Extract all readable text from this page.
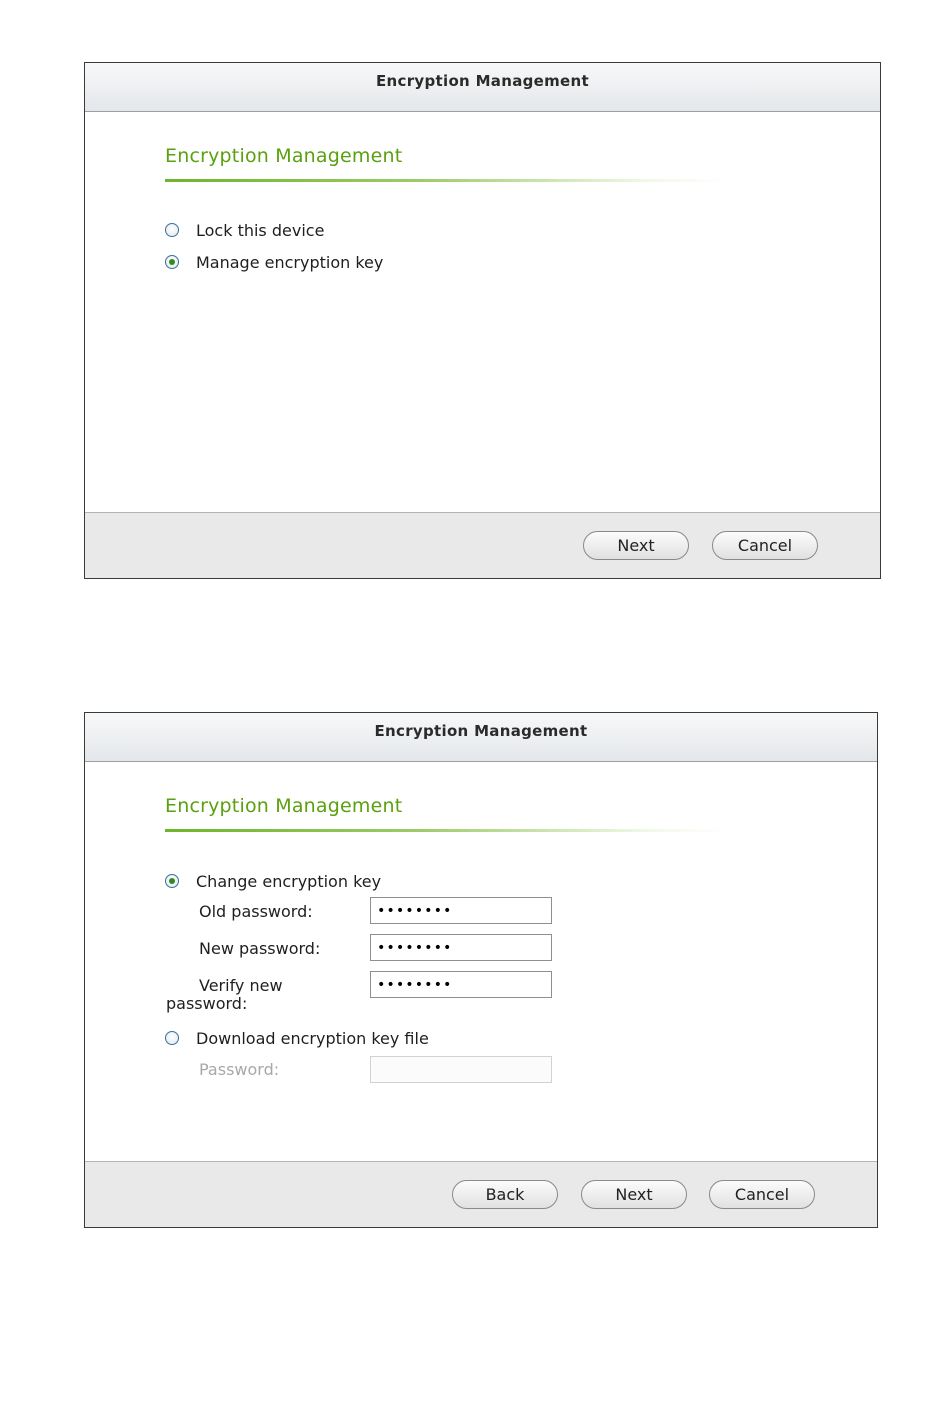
Encryption Management
Encryption Management
Lock this device
Manage encryption key
Next	Cancel
Encryption Management
Encryption Management
Change encryption key
Old password:
••••••••
New password:
••••••••
Verify new
password:
••••••••
Download encryption key file
Password:
Back	Next	Cancel
